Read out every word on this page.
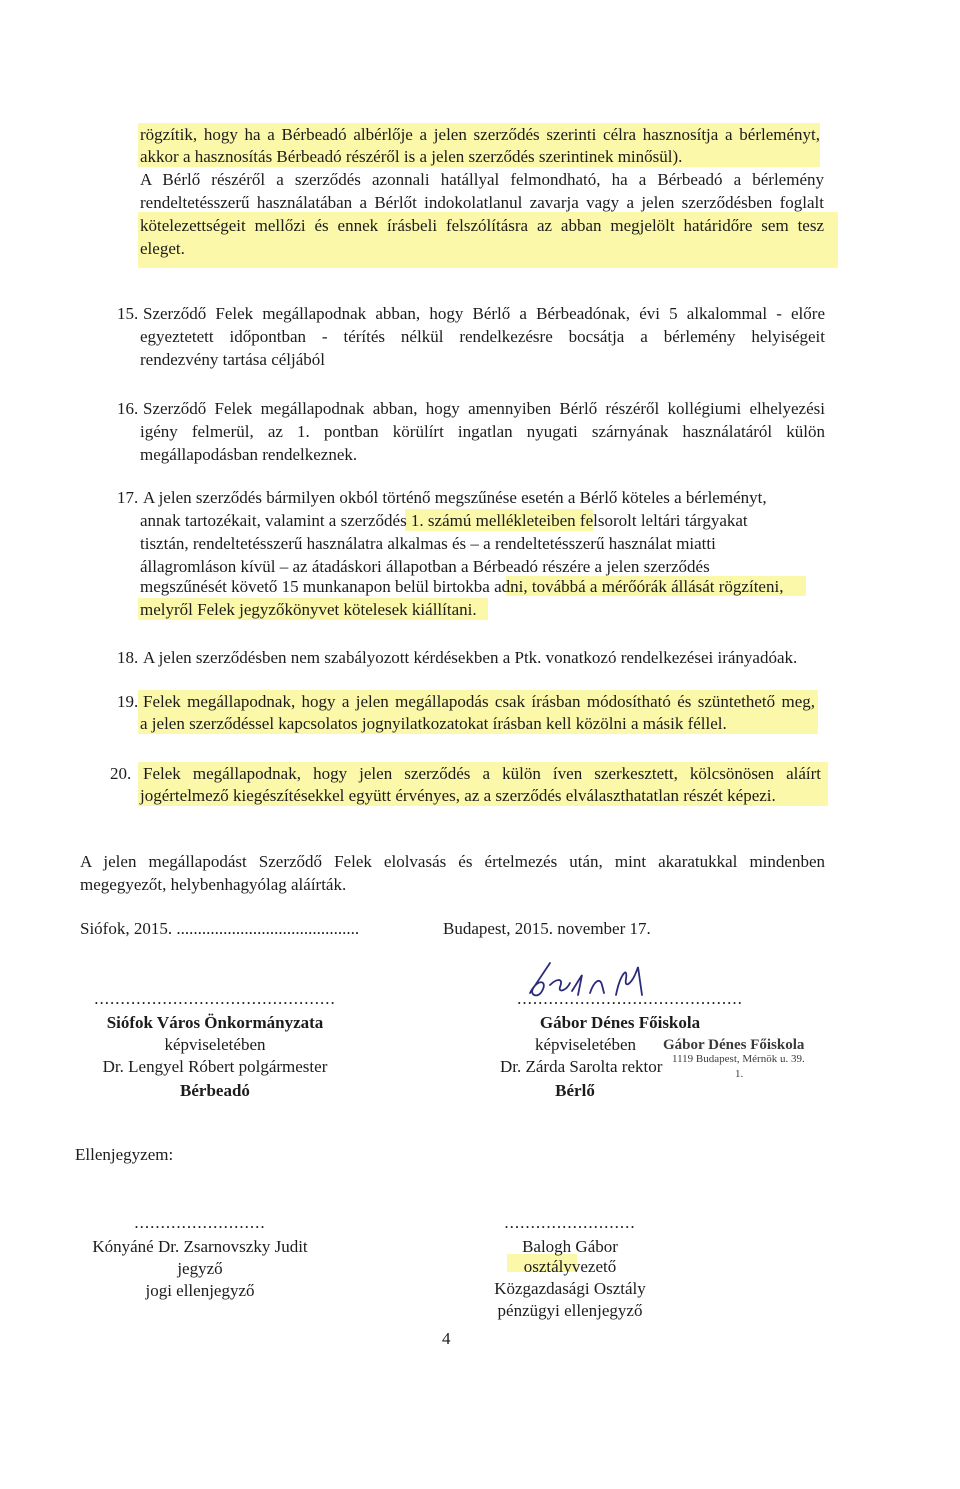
rögzítik, hogy ha a Bérbeadó albérlője a jelen szerződés szerinti célra hasznosítja a bérleményt,
akkor a hasznosítás Bérbeadó részéről is a jelen szerződés szerintinek minősül).
A Bérlő részéről a szerződés azonnali hatállyal felmondható, ha a Bérbeadó a bérlemény
rendeltetésszerű használatában a Bérlőt indokolatlanul zavarja vagy a jelen szerződésben foglalt
kötelezettségeit mellőzi és ennek írásbeli felszólításra az abban megjelölt határidőre sem tesz
eleget.
15. Szerződő Felek megállapodnak abban, hogy Bérlő a Bérbeadónak, évi 5 alkalommal - előre
egyeztetett időpontban - térítés nélkül rendelkezésre bocsátja a bérlemény helyiségeit
rendezvény tartása céljából
16. Szerződő Felek megállapodnak abban, hogy amennyiben Bérlő részéről kollégiumi elhelyezési
igény felmerül, az 1. pontban körülírt ingatlan nyugati szárnyának használatáról külön
megállapodásban rendelkeznek.
17. A jelen szerződés bármilyen okból történő megszűnése esetén a Bérlő köteles a bérleményt,
annak tartozékait, valamint a szerződés 1. számú mellékleteiben felsorolt leltári tárgyakat
tisztán, rendeltetésszerű használatra alkalmas és – a rendeltetésszerű használat miatti
állagromláson kívül – az átadáskori állapotban a Bérbeadó részére a jelen szerződés
megszűnését követő 15 munkanapon belül birtokba adni, továbbá a mérőórák állását rögzíteni,
melyről Felek jegyzőkönyvet kötelesek kiállítani.
18. A jelen szerződésben nem szabályozott kérdésekben a Ptk. vonatkozó rendelkezései irányadóak.
19. Felek megállapodnak, hogy a jelen megállapodás csak írásban módosítható és szüntethető meg,
a jelen szerződéssel kapcsolatos jognyilatkozatokat írásban kell közölni a másik féllel.
20. Felek megállapodnak, hogy jelen szerződés a külön íven szerkesztett, kölcsönösen aláírt
jogértelmező kiegészítésekkel együtt érvényes, az a szerződés elválaszthatatlan részét képezi.
A jelen megállapodást Szerződő Felek elolvasás és értelmezés után, mint akaratukkal mindenben
megegyezőt, helybenhagyólag aláírták.
Siófok, 2015. ...........................................	Budapest, 2015. november 17.
..............................................
Siófok Város Önkormányzata
képviseletében
Dr. Lengyel Róbert polgármester
Bérbeadó
...........................................
Gábor Dénes Főiskola
képviseletében
Dr. Zárda Sarolta rektor
Bérlő
Gábor Dénes Főiskola
1119 Budapest, Mérnök u. 39.
1.
Ellenjegyzem:
.........................
Kónyáné Dr. Zsarnovszky Judit
jegyző
jogi ellenjegyző
.........................
Balogh Gábor
osztályvezető
Közgazdasági Osztály
pénzügyi ellenjegyző
4
